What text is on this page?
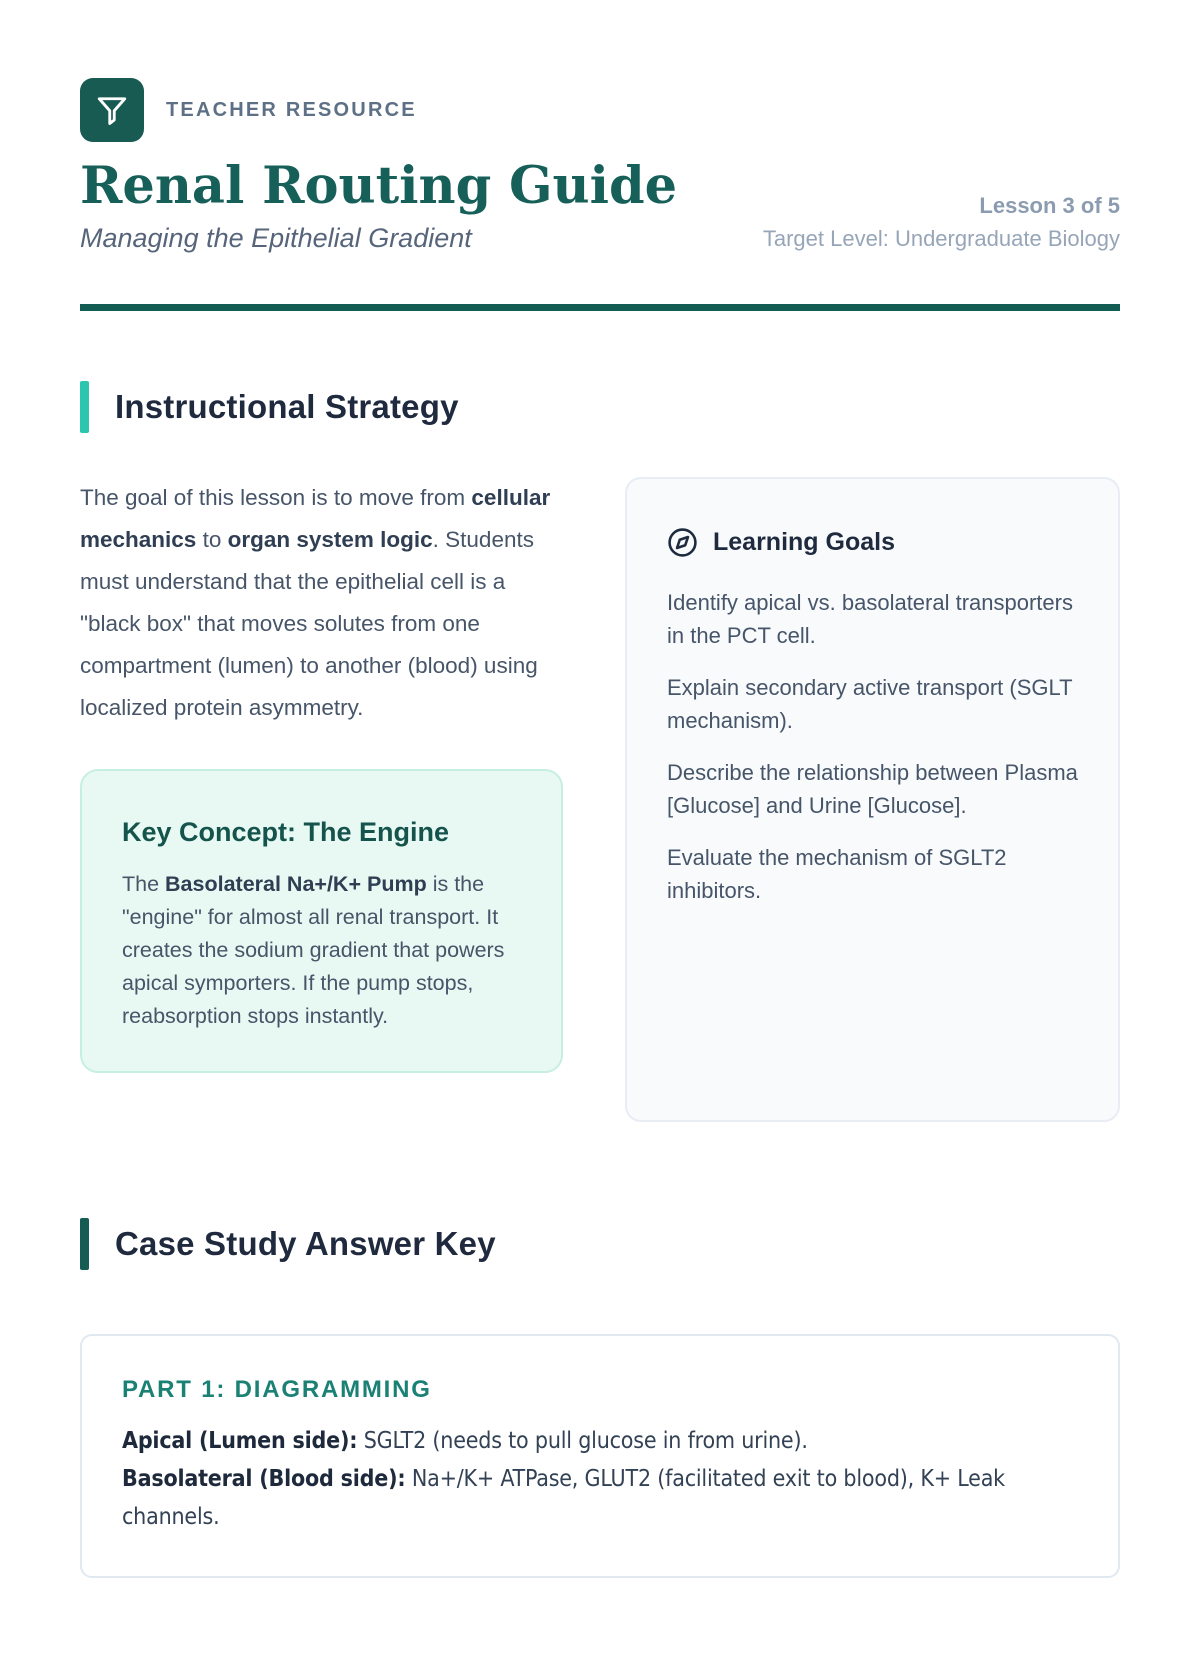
TEACHER RESOURCE
Renal Routing Guide
Managing the Epithelial Gradient
Lesson 3 of 5
Target Level: Undergraduate Biology
Instructional Strategy

The goal of this lesson is to move from cellular mechanics to organ system logic. Students must understand that the epithelial cell is a "black box" that moves solutes from one compartment (lumen) to another (blood) using localized protein asymmetry.

Key Concept: The Engine

The Basolateral Na+/K+ Pump is the "engine" for almost all renal transport. It creates the sodium gradient that powers apical symporters. If the pump stops, reabsorption stops instantly.

Learning Goals

Identify apical vs. basolateral transporters in the PCT cell.

Explain secondary active transport (SGLT mechanism).

Describe the relationship between Plasma [Glucose] and Urine [Glucose].

Evaluate the mechanism of SGLT2 inhibitors.

Case Study Answer Key
PART 1: DIAGRAMMING

Apical (Lumen side): SGLT2 (needs to pull glucose in from urine).

Basolateral (Blood side): Na+/K+ ATPase, GLUT2 (facilitated exit to blood), K+ Leak channels.
